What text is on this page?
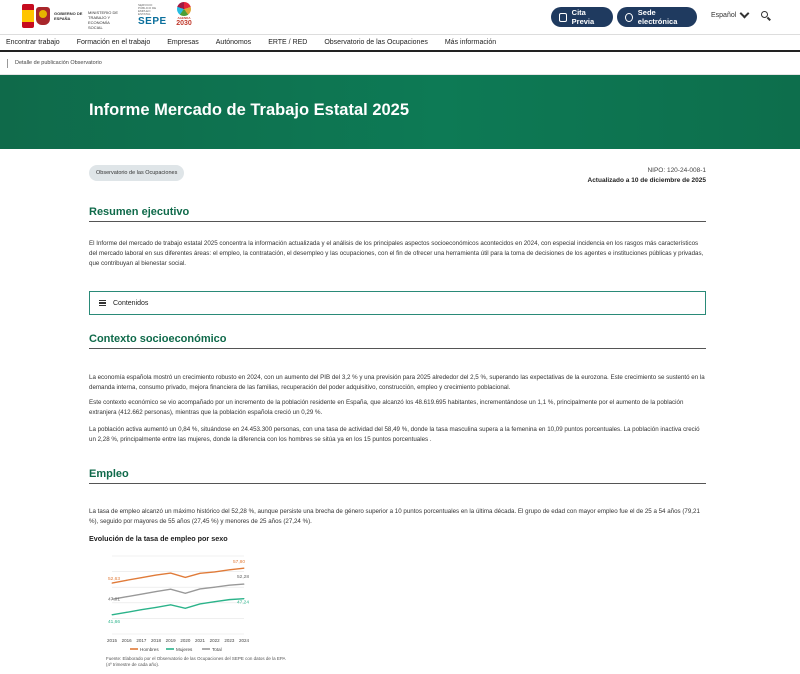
GOBIERNO DE ESPAÑA
MINISTERIO DE TRABAJO Y ECONOMÍA SOCIAL
SERVICIO PÚBLICO DE EMPLEO ESTATAL
SEPE	AGENDA
2030
Cita Previa
Sede electrónica
Español
Encontrar trabajo Formación en el trabajo Empresas Autónomos ERTE / RED Observatorio de las Ocupaciones Más información
Detalle de publicación Observatorio
Informe Mercado de Trabajo Estatal 2025
Observatorio de las Ocupaciones	NIPO: 120-24-008-1
Actualizado a 10 de diciembre de 2025
Resumen ejecutivo
El Informe del mercado de trabajo estatal 2025 concentra la información actualizada y el análisis de los principales aspectos socioeconómicos acontecidos en 2024, con especial incidencia en los rasgos más característicos del mercado laboral en sus diferentes áreas: el empleo, la contratación, el desempleo y las ocupaciones, con el fin de ofrecer una herramienta útil para la toma de decisiones de los agentes e instituciones públicas y privadas, que contribuyan al bienestar social.
Contenidos
Contexto socioeconómico
La economía española mostró un crecimiento robusto en 2024, con un aumento del PIB del 3,2 % y una previsión para 2025 alrededor del 2,5 %, superando las expectativas de la eurozona. Este crecimiento se sustentó en la demanda interna, consumo privado, mejora financiera de las familias, recuperación del poder adquisitivo, construcción, empleo y crecimiento poblacional.
Este contexto económico se vio acompañado por un incremento de la población residente en España, que alcanzó los 48.619.695 habitantes, incrementándose un 1,1 %, principalmente por el aumento de la población extranjera (412.662 personas), mientras que la población española creció un 0,29 %.
La población activa aumentó un 0,84 %, situándose en 24.453.300 personas, con una tasa de actividad del 58,49 %, donde la tasa masculina supera a la femenina en 10,09 puntos porcentuales. La población inactiva creció un 2,28 %, principalmente entre las mujeres, donde la diferencia con los hombres se sitúa ya en los 15 puntos porcentuales .
Empleo
La tasa de empleo alcanzó un máximo histórico del 52,28 %, aunque persiste una brecha de género superior a 10 puntos porcentuales en la última década. El grupo de edad con mayor empleo fue el de 25 a 54 años (79,21 %), seguido por mayores de 55 años (27,45 %) y menores de 25 años (27,24 %).
Evolución de la tasa de empleo por sexo
2015 2016 2017 2018 2019 2020 2021 2022 2023 2024
52,63
47,01
41,66
57,80
52,28
47,24
Hombres	Mujeres	Total
Fuente: Elaborado por el Observatorio de las Ocupaciones del SEPE con datos de la EPA (4º trimestre de cada año).
